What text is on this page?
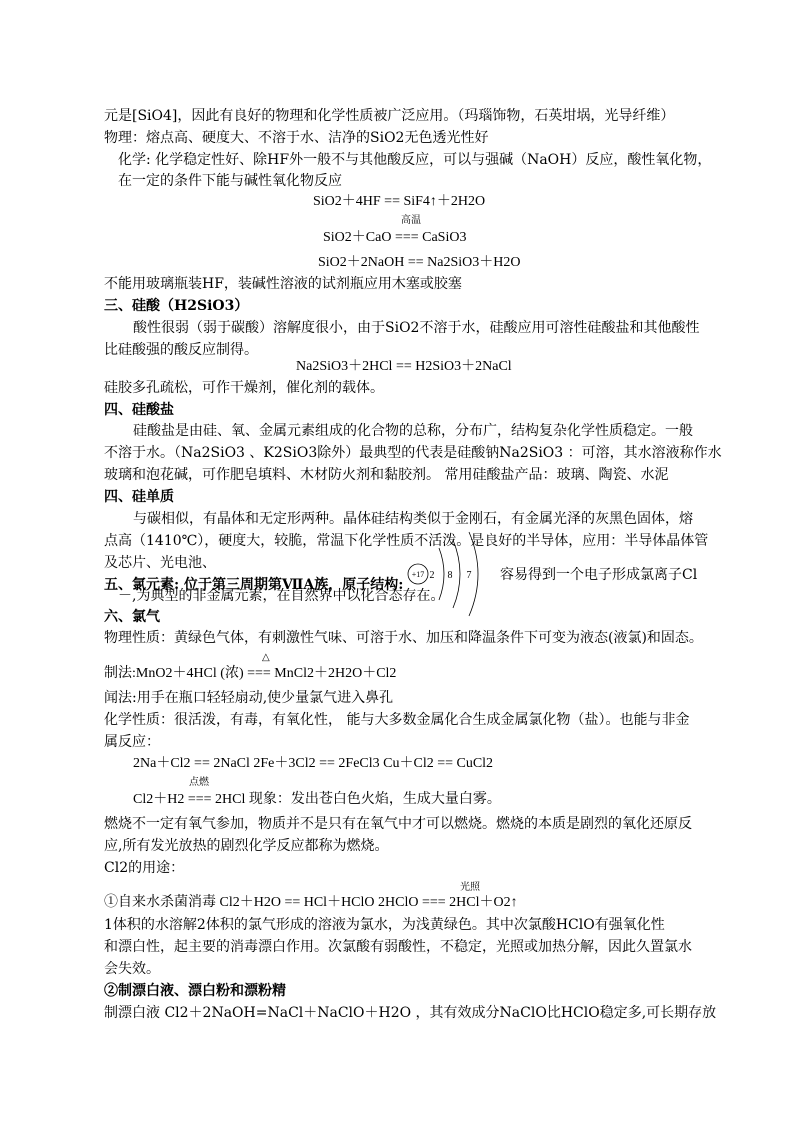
元是[SiO4]，因此有良好的物理和化学性质被广泛应用。（玛瑙饰物，石英坩埚，光导纤维）
物理：熔点高、硬度大、不溶于水、洁净的SiO2无色透光性好
化学: 化学稳定性好、除HF外一般不与其他酸反应，可以与强碱（NaOH）反应，酸性氧化物，
在一定的条件下能与碱性氧化物反应
SiO2＋4HF == SiF4↑＋2H2O
高温
SiO2＋CaO === CaSiO3
SiO2＋2NaOH == Na2SiO3＋H2O
不能用玻璃瓶装HF，装碱性溶液的试剂瓶应用木塞或胶塞
三、硅酸（H2SiO3）
酸性很弱（弱于碳酸）溶解度很小，由于SiO2不溶于水，硅酸应用可溶性硅酸盐和其他酸性
比硅酸强的酸反应制得。
Na2SiO3＋2HCl == H2SiO3＋2NaCl
硅胶多孔疏松，可作干燥剂，催化剂的载体。
四、硅酸盐
硅酸盐是由硅、氧、金属元素组成的化合物的总称，分布广，结构复杂化学性质稳定。一般
不溶于水。（Na2SiO3 、K2SiO3除外）最典型的代表是硅酸钠Na2SiO3 ：可溶，其水溶液称作水
玻璃和泡花碱，可作肥皂填料、木材防火剂和黏胶剂。 常用硅酸盐产品：玻璃、陶瓷、水泥
四、硅单质
与碳相似，有晶体和无定形两种。晶体硅结构类似于金刚石，有金属光泽的灰黑色固体，熔
点高（1410℃），硬度大，较脆，常温下化学性质不活泼。是良好的半导体，应用：半导体晶体管
及芯片、光电池、
五、氯元素: 位于第三周期第ⅦA族，原子结构:
+17 2 8 7 容易得到一个电子形成氯离子Cl
－,为典型的非金属元素，在自然界中以化合态存在。
六、氯气
物理性质：黄绿色气体，有刺激性气味、可溶于水、加压和降温条件下可变为液态(液氯)和固态。
△
制法:MnO2＋4HCl (浓) === MnCl2＋2H2O＋Cl2
闻法:用手在瓶口轻轻扇动,使少量氯气进入鼻孔
化学性质：很活泼，有毒，有氧化性， 能与大多数金属化合生成金属氯化物（盐）。也能与非金
属反应：
2Na＋Cl2 == 2NaCl 2Fe＋3Cl2 == 2FeCl3 Cu＋Cl2 == CuCl2
点燃
Cl2＋H2 === 2HCl 现象：发出苍白色火焰，生成大量白雾。
燃烧不一定有氧气参加，物质并不是只有在氧气中才可以燃烧。燃烧的本质是剧烈的氧化还原反
应,所有发光放热的剧烈化学反应都称为燃烧。
Cl2的用途：
光照
①自来水杀菌消毒 Cl2＋H2O == HCl＋HClO 2HClO === 2HCl＋O2↑
1体积的水溶解2体积的氯气形成的溶液为氯水，为浅黄绿色。其中次氯酸HClO有强氧化性
和漂白性，起主要的消毒漂白作用。次氯酸有弱酸性，不稳定，光照或加热分解，因此久置氯水
会失效。
②制漂白液、漂白粉和漂粉精
制漂白液 Cl2＋2NaOH=NaCl＋NaClO＋H2O ，其有效成分NaClO比HClO稳定多,可长期存放
